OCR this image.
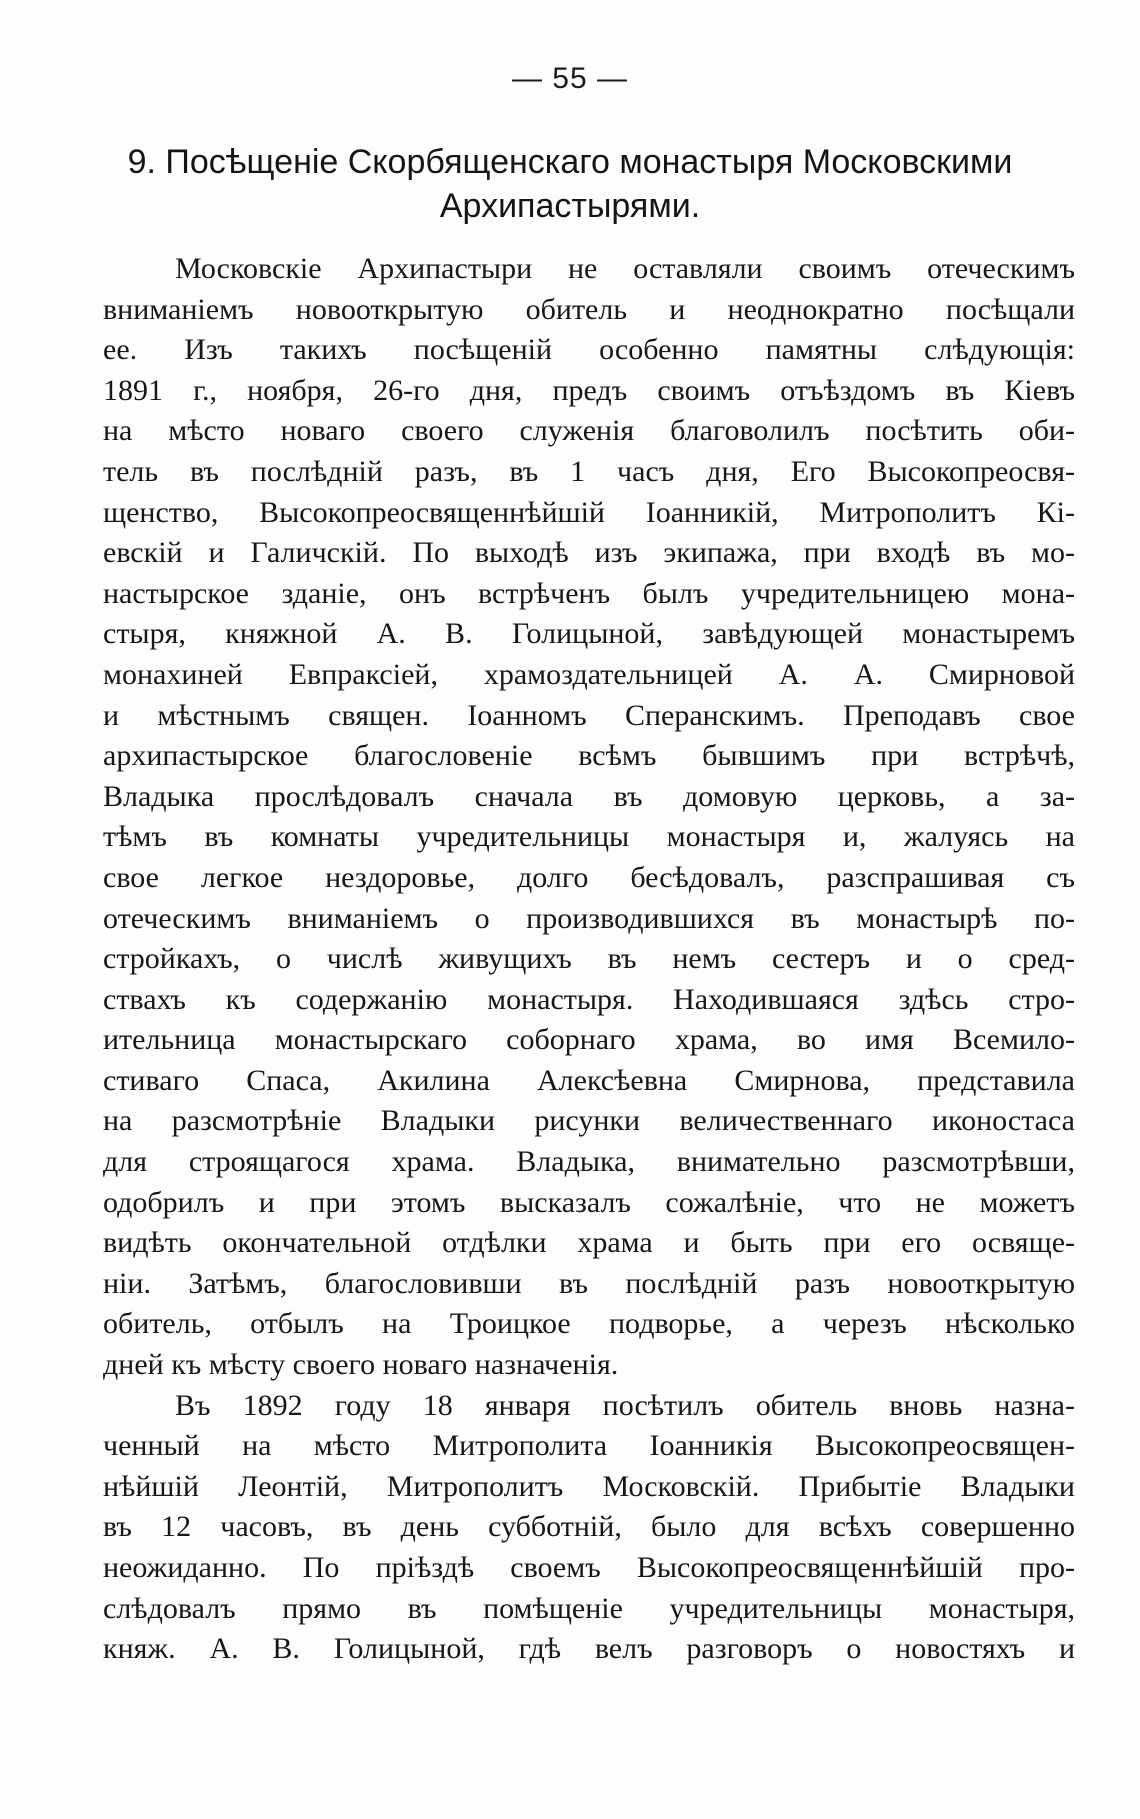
— 55 —
9. Посѣщеніе Скорбященскаго монастыря Московскими
Архипастырями.
Московскіе Архипастыри не оставляли своимъ отеческимъ
вниманіемъ новооткрытую обитель и неоднократно посѣщали
ее. Изъ такихъ посѣщеній особенно памятны слѣдующія:
1891 г., ноября, 26-го дня, предъ своимъ отъѣздомъ въ Кіевъ
на мѣсто новаго своего служенія благоволилъ посѣтить оби-
тель въ послѣдній разъ, въ 1 часъ дня, Его Высокопреосвя-
щенство, Высокопреосвященнѣйшій Іоанникій, Митрополитъ Кі-
евскій и Галичскій. По выходѣ изъ экипажа, при входѣ въ мо-
настырское зданіе, онъ встрѣченъ былъ учредительницею мона-
стыря, княжной А. В. Голицыной, завѣдующей монастыремъ
монахиней Евпраксіей, храмоздательницей А. А. Смирновой
и мѣстнымъ священ. Іоанномъ Сперанскимъ. Преподавъ свое
архипастырское благословеніе всѣмъ бывшимъ при встрѣчѣ,
Владыка прослѣдовалъ сначала въ домовую церковь, а за-
тѣмъ въ комнаты учредительницы монастыря и, жалуясь на
свое легкое нездоровье, долго бесѣдовалъ, разспрашивая съ
отеческимъ вниманіемъ о производившихся въ монастырѣ по-
стройкахъ, о числѣ живущихъ въ немъ сестеръ и о сред-
ствахъ къ содержанію монастыря. Находившаяся здѣсь стро-
ительница монастырскаго соборнаго храма, во имя Всемило-
стиваго Спаса, Акилина Алексѣевна Смирнова, представила
на разсмотрѣніе Владыки рисунки величественнаго иконостаса
для строящагося храма. Владыка, внимательно разсмотрѣвши,
одобрилъ и при этомъ высказалъ сожалѣніе, что не можетъ
видѣть окончательной отдѣлки храма и быть при его освяще-
ніи. Затѣмъ, благословивши въ послѣдній разъ новооткрытую
обитель, отбылъ на Троицкое подворье, а черезъ нѣсколько
дней къ мѣсту своего новаго назначенія.
Въ 1892 году 18 января посѣтилъ обитель вновь назна-
ченный на мѣсто Митрополита Іоанникія Высокопреосвящен-
нѣйшій Леонтій, Митрополитъ Московскій. Прибытіе Владыки
въ 12 часовъ, въ день субботній, было для всѣхъ совершенно
неожиданно. По пріѣздѣ своемъ Высокопреосвященнѣйшій про-
слѣдовалъ прямо въ помѣщеніе учредительницы монастыря,
княж. А. В. Голицыной, гдѣ велъ разговоръ о новостяхъ и
